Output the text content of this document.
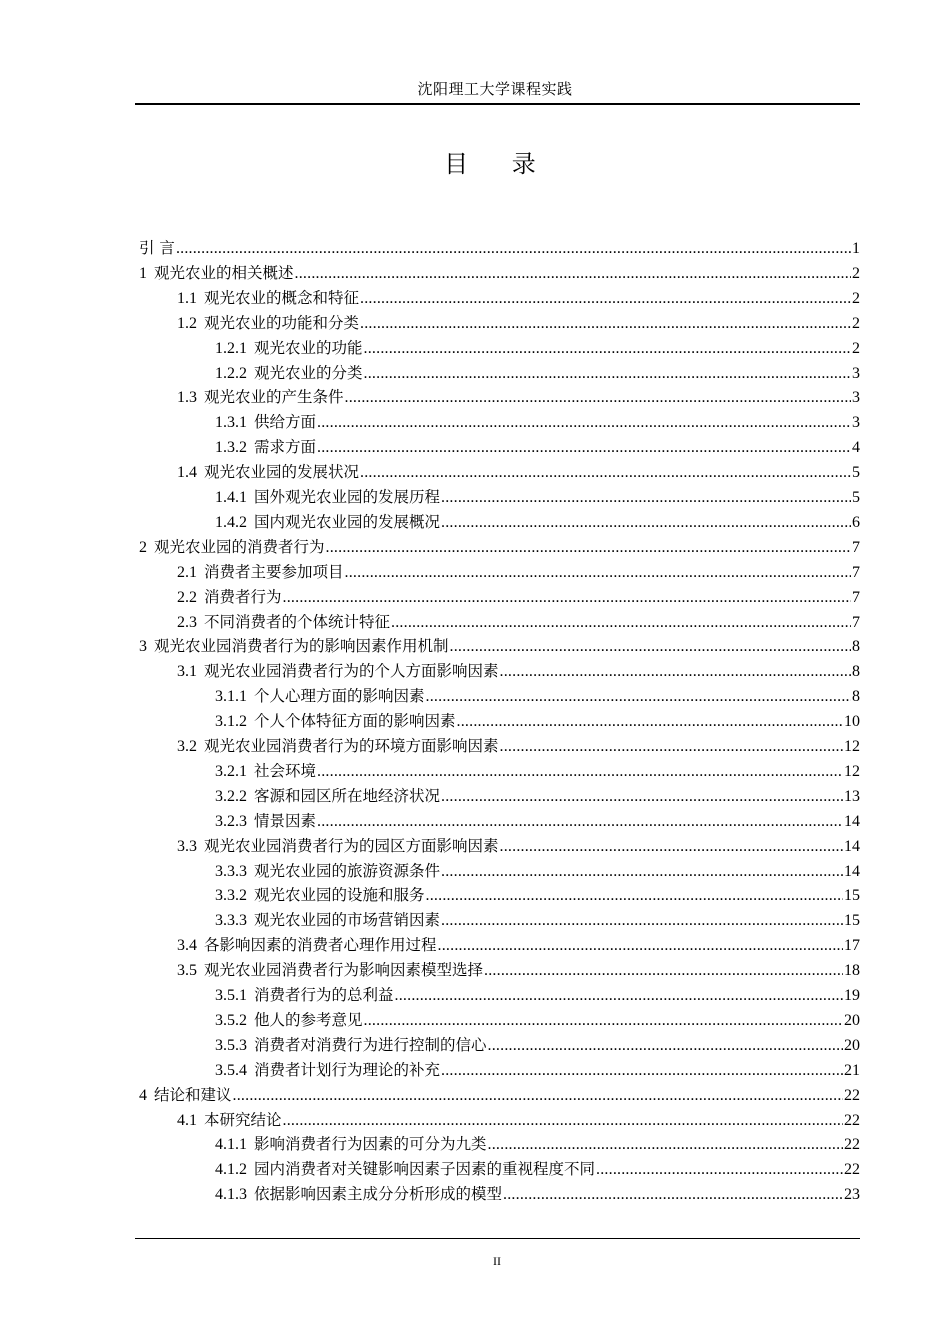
沈阳理工大学课程实践
目 录
引 言 .....	1
1 观光农业的相关概述 .....	2
1.1 观光农业的概念和特征 .....	2
1.2 观光农业的功能和分类 .....	2
1.2.1 观光农业的功能 .....	2
1.2.2 观光农业的分类 .....	3
1.3 观光农业的产生条件 .....	3
1.3.1 供给方面 .....	3
1.3.2 需求方面 .....	4
1.4 观光农业园的发展状况 .....	5
1.4.1 国外观光农业园的发展历程 .....	5
1.4.2 国内观光农业园的发展概况 .....	6
2 观光农业园的消费者行为 .....	7
2.1 消费者主要参加项目 .....	7
2.2 消费者行为 .....	7
2.3 不同消费者的个体统计特征 .....	7
3 观光农业园消费者行为的影响因素作用机制 .....	8
3.1 观光农业园消费者行为的个人方面影响因素 .....	8
3.1.1 个人心理方面的影响因素 .....	8
3.1.2 个人个体特征方面的影响因素 .....	10
3.2 观光农业园消费者行为的环境方面影响因素 .....	12
3.2.1 社会环境 .....	12
3.2.2 客源和园区所在地经济状况 .....	13
3.2.3 情景因素 .....	14
3.3 观光农业园消费者行为的园区方面影响因素 .....	14
3.3.3 观光农业园的旅游资源条件 .....	14
3.3.2 观光农业园的设施和服务 .....	15
3.3.3 观光农业园的市场营销因素 .....	15
3.4 各影响因素的消费者心理作用过程 .....	17
3.5 观光农业园消费者行为影响因素模型选择 .....	18
3.5.1 消费者行为的总利益 .....	19
3.5.2 他人的参考意见 .....	20
3.5.3 消费者对消费行为进行控制的信心 .....	20
3.5.4 消费者计划行为理论的补充 .....	21
4 结论和建议 .....	22
4.1 本研究结论 .....	22
4.1.1 影响消费者行为因素的可分为九类 .....	22
4.1.2 园内消费者对关键影响因素子因素的重视程度不同 .....	22
4.1.3 依据影响因素主成分分析形成的模型 .....	23
II
